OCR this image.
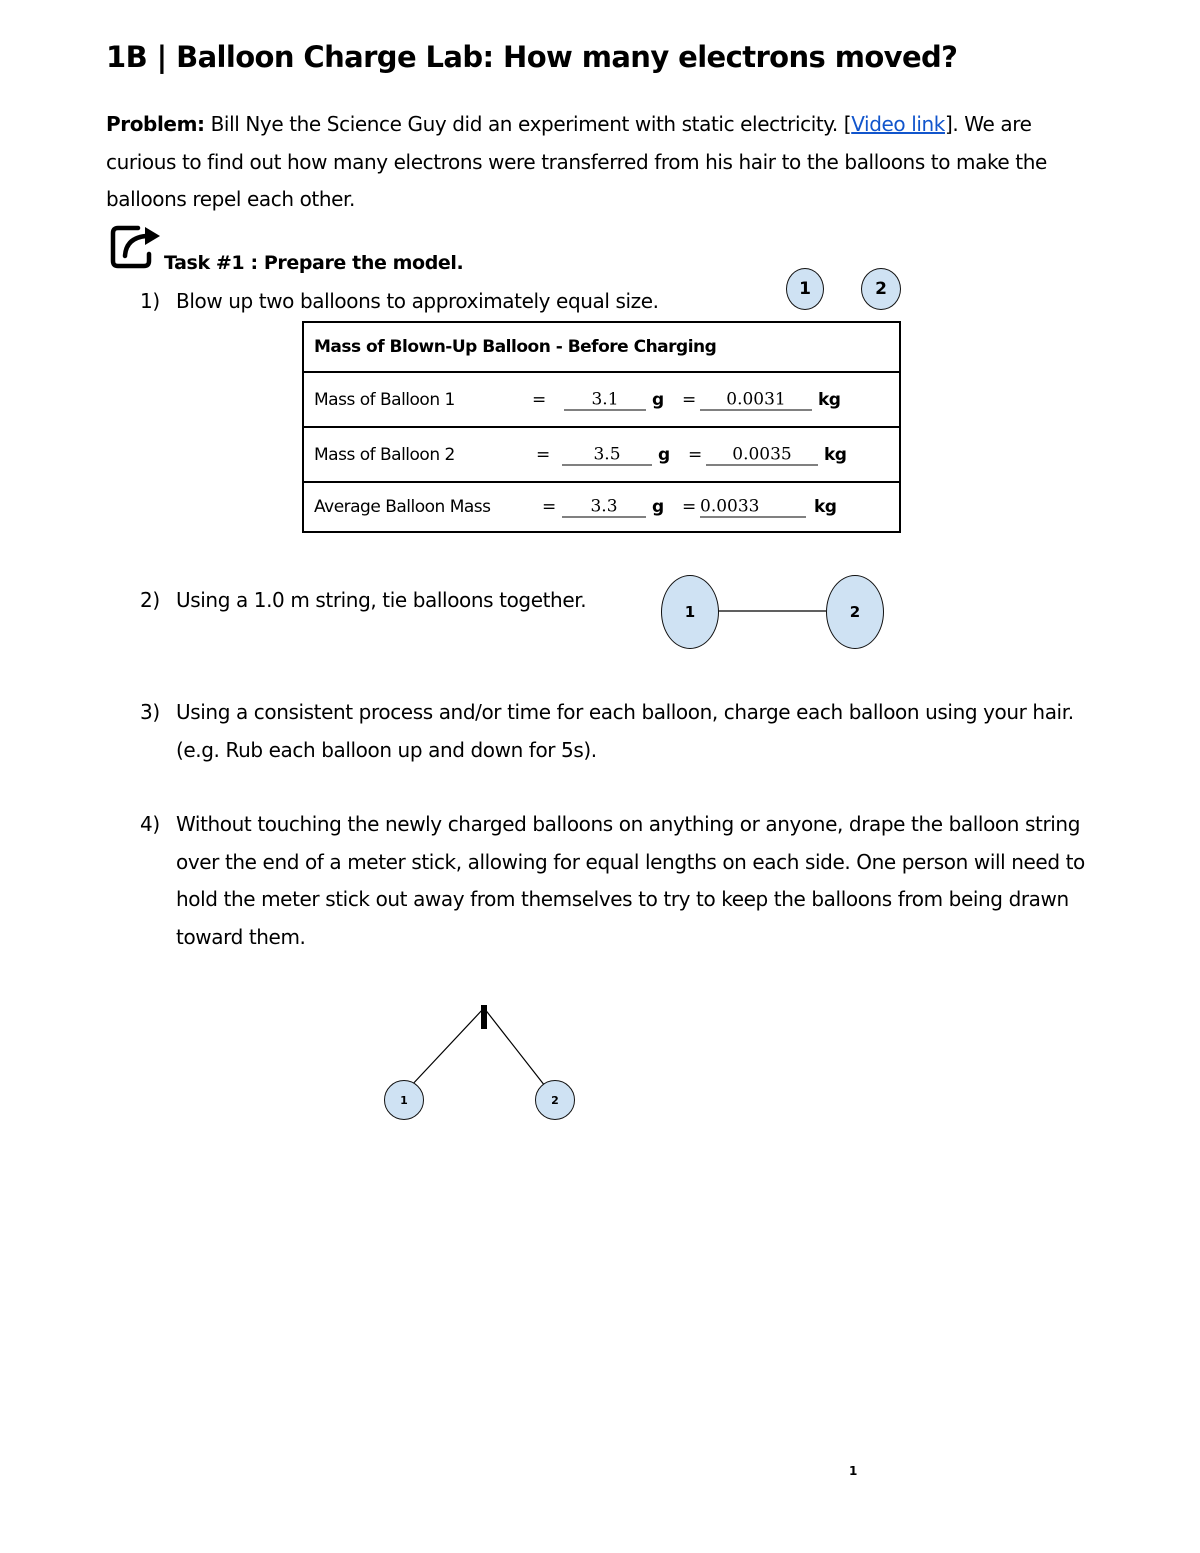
1B | Balloon Charge Lab: How many electrons moved?
Problem: Bill Nye the Science Guy did an experiment with static electricity. [Video link]. We are curious to find out how many electrons were transferred from his hair to the balloons to make the balloons repel each other.
Task #1 : Prepare the model.
1) Blow up two balloons to approximately equal size.	1	2
Mass of Blown-Up Balloon - Before Charging

Mass of Balloon 1	=	3.1	g =	0.0031	kg

Mass of Balloon 2	=	3.5	g =	0.0035	kg

Average Balloon Mass	=	3.3	g = 0.0033	kg
2) Using a 1.0 m string, tie balloons together.	1	2
3) Using a consistent process and/or time for each balloon, charge each balloon using your hair. (e.g. Rub each balloon up and down for 5s).
4) Without touching the newly charged balloons on anything or anyone, drape the balloon string over the end of a meter stick, allowing for equal lengths on each side. One person will need to hold the meter stick out away from themselves to try to keep the balloons from being drawn toward them.
1	2
1
